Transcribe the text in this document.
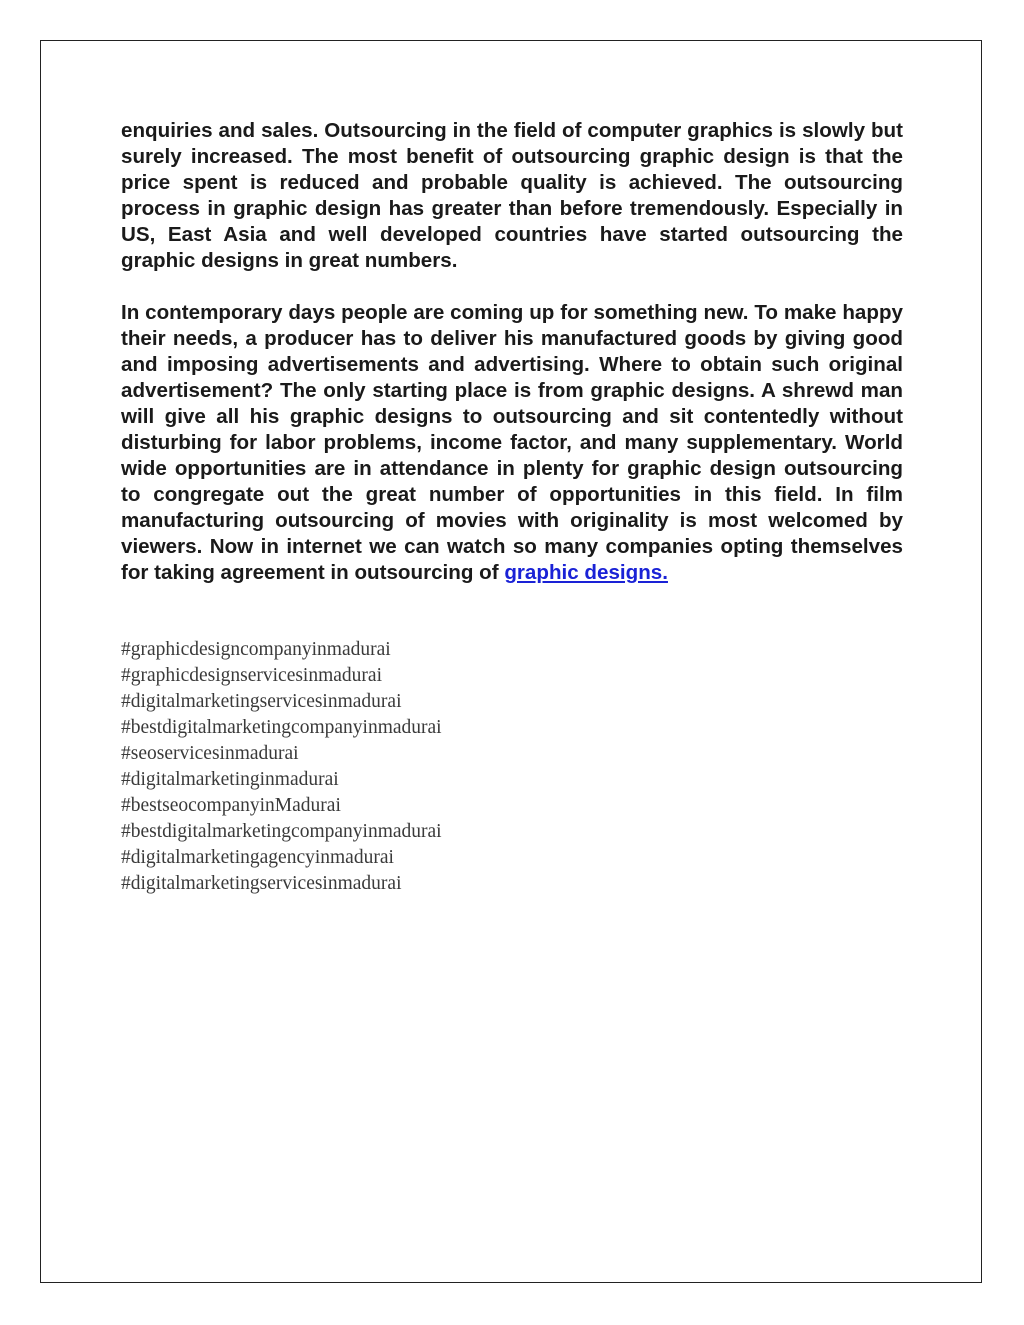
enquiries and sales. Outsourcing in the field of computer graphics is slowly but surely increased. The most benefit of outsourcing graphic design is that the price spent is reduced and probable quality is achieved. The outsourcing process in graphic design has greater than before tremendously. Especially in US, East Asia and well developed countries have started outsourcing the graphic designs in great numbers.

In contemporary days people are coming up for something new. To make happy their needs, a producer has to deliver his manufactured goods by giving good and imposing advertisements and advertising. Where to obtain such original advertisement? The only starting place is from graphic designs. A shrewd man will give all his graphic designs to outsourcing and sit contentedly without disturbing for labor problems, income factor, and many supplementary. World wide opportunities are in attendance in plenty for graphic design outsourcing to congregate out the great number of opportunities in this field. In film manufacturing outsourcing of movies with originality is most welcomed by viewers. Now in internet we can watch so many companies opting themselves for taking agreement in outsourcing of graphic designs.

#graphicdesigncompanyinmadurai
#graphicdesignservicesinmadurai
#digitalmarketingservicesinmadurai
#bestdigitalmarketingcompanyinmadurai
#seoservicesinmadurai
#digitalmarketinginmadurai
#bestseocompanyinMadurai
#bestdigitalmarketingcompanyinmadurai
#digitalmarketingagencyinmadurai
#digitalmarketingservicesinmadurai
